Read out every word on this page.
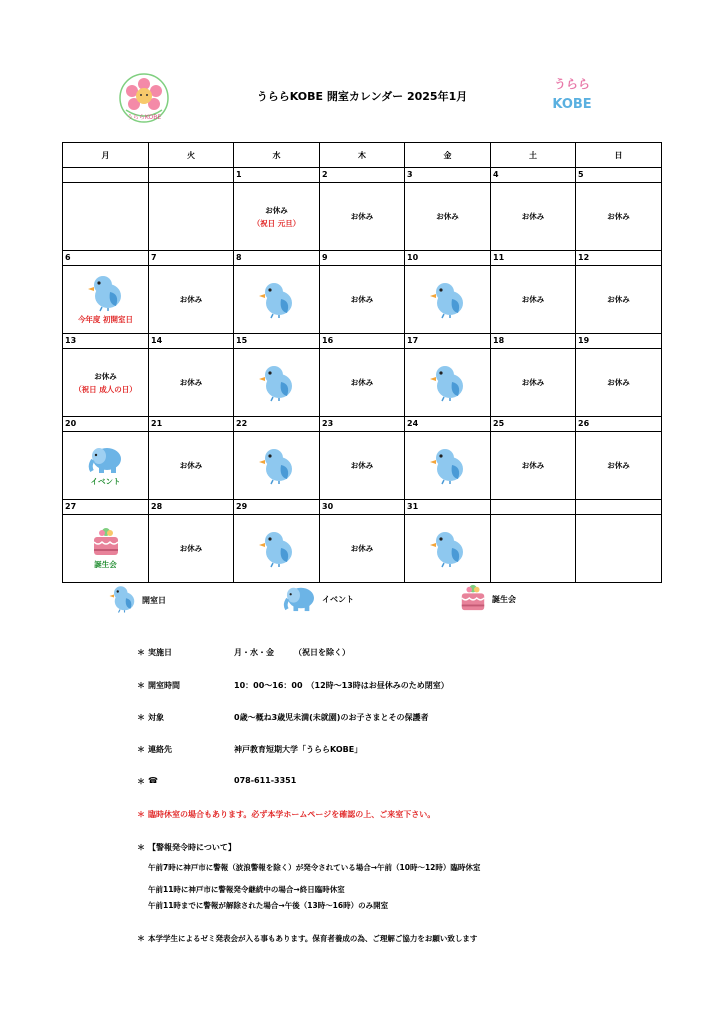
うららKOBE
うららKOBE 開室カレンダー 2025年1月
うらら
KOBE
月	火	水	木	金	土	日
		1	2	3	4	5

		お休み
（祝日 元旦）	お休み	お休み	お休み	お休み

6	7	8	9	10	11	12

今年度 初開室日	お休み		お休み		お休み	お休み

13	14	15	16	17	18	19

お休み
（祝日 成人の日）	お休み		お休み		お休み	お休み

20	21	22	23	24	25	26

イベント	お休み		お休み		お休み	お休み

27	28	29	30	31		

誕生会	お休み		お休み

開室日	イベント	誕生会
＊ 実施日	月・水・金　　　（祝日を除く）
＊ 開室時間	10：00～16：00　（12時～13時はお昼休みのため閉室）
＊ 対象	0歳～概ね3歳児未満(未就園)のお子さまとその保護者
＊ 連絡先	神戸教育短期大学「うららKOBE」
＊ ☎	078-611-3351
＊ 臨時休室の場合もあります。必ず本学ホームページを確認の上、ご来室下さい。
＊ 【警報発令時について】
午前7時に神戸市に警報（波浪警報を除く）が発令されている場合→午前（10時～12時）臨時休室
午前11時に神戸市に警報発令継続中の場合→終日臨時休室
午前11時までに警報が解除された場合→午後（13時～16時）のみ開室
＊ 本学学生によるゼミ発表会が入る事もあります。保育者養成の為、ご理解ご協力をお願い致します
